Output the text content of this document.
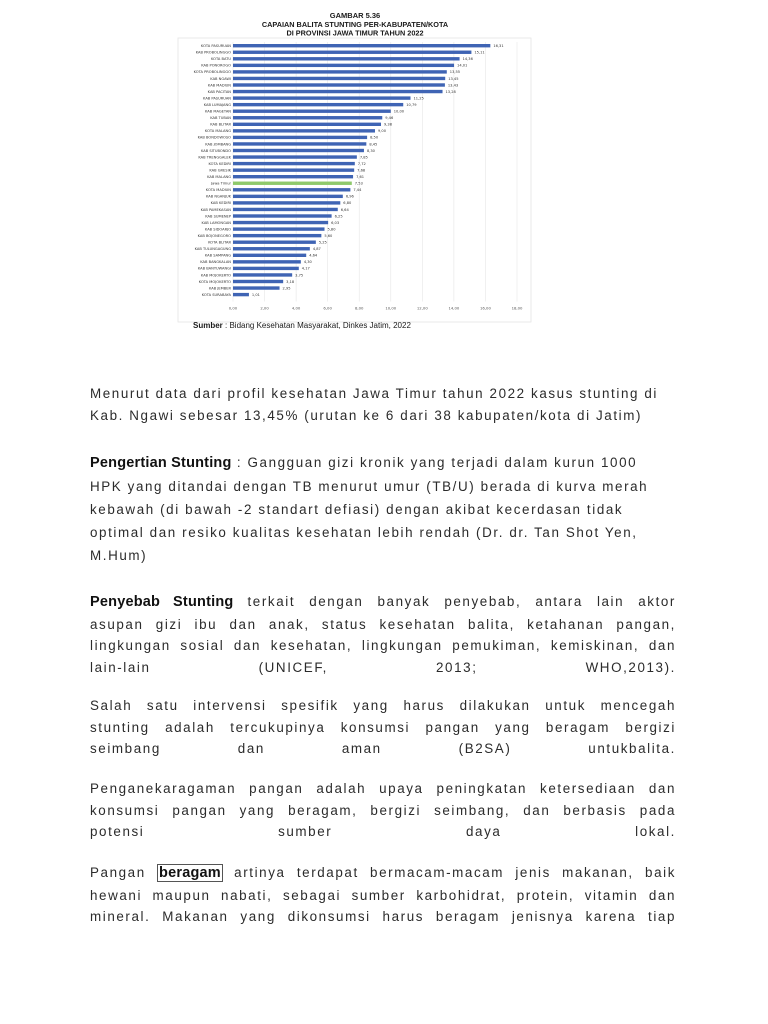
GAMBAR 5.36
CAPAIAN BALITA STUNTING PER-KABUPATEN/KOTA
DI PROVINSI JAWA TIMUR TAHUN 2022
KOTA PASURUAN	16,31
KAB PROBOLINGGO	15,11
KOTA BATU	14,36
KAB PONOROGO	14,01
KOTA PROBOLINGGO	13,55
KAB NGAWI	13,45
KAB MADIUN	13,43
KAB PACITAN	13,28
KAB PASURUAN	11,25
KAB LUMAJANG	10,79
KAB MAGETAN	10,00
KAB TUBAN	9,46
KAB BLITAR	9,38
KOTA MALANG	9,00
KAB BONDOWOSO	8,50
KAB JOMBANG	8,45
KAB SITUBONDO	8,30
KAB TRENGGALEK	7,85
KOTA KEDIRI	7,72
KAB GRESIK	7,68
KAB MALANG	7,61
Jawa Timur	7,53
KOTA MADIUN	7,44
KAB NGANJUK	6,96
KAB KEDIRI	6,80
KAB PAMEKASAN	6,64
KAB SUMENEP	6,25
KAB LAMONGAN	6,03
KAB SIDOARJO	5,80
KAB BOJONEGORO	5,60
KOTA BLITAR	5,25
KAB TULUNGAGUNG	4,87
KAB SAMPANG	4,64
KAB BANGKALAN	4,30
KAB BANYUWANGI	4,17
KAB MOJOKERTO	3,75
KOTA MOJOKERTO	3,18
KAB JEMBER	2,95
KOTA SURABAYA	1,01
0,00	2,00	4,00	6,00	8,00	10,00	12,00	14,00	16,00	18,00
Sumber : Bidang Kesehatan Masyarakat, Dinkes Jatim, 2022

Menurut data dari profil kesehatan Jawa Timur tahun 2022 kasus stunting di
Kab. Ngawi sebesar 13,45% (urutan ke 6 dari 38 kabupaten/kota di Jatim)

Pengertian Stunting : Gangguan gizi kronik yang terjadi dalam kurun 1000
HPK yang ditandai dengan TB menurut umur (TB/U) berada di kurva merah
kebawah (di bawah -2 standart defiasi) dengan akibat kecerdasan tidak
optimal dan resiko kualitas kesehatan lebih rendah (Dr. dr. Tan Shot Yen,
M.Hum)

Penyebab Stunting terkait dengan banyak penyebab, antara lain aktor
asupan gizi ibu dan anak, status kesehatan balita, ketahanan pangan,
lingkungan sosial dan kesehatan, lingkungan pemukiman, kemiskinan, dan
lain-lain (UNICEF, 2013; WHO,2013).

Salah satu intervensi spesifik yang harus dilakukan untuk mencegah
stunting adalah tercukupinya konsumsi pangan yang beragam bergizi
seimbang dan aman (B2SA) untukbalita.

Penganekaragaman pangan adalah upaya peningkatan ketersediaan dan
konsumsi pangan yang beragam, bergizi seimbang, dan berbasis pada
potensi sumber daya lokal.

Pangan beragam artinya terdapat bermacam-macam jenis makanan, baik
hewani maupun nabati, sebagai sumber karbohidrat, protein, vitamin dan
mineral. Makanan yang dikonsumsi harus beragam jenisnya karena tiap
